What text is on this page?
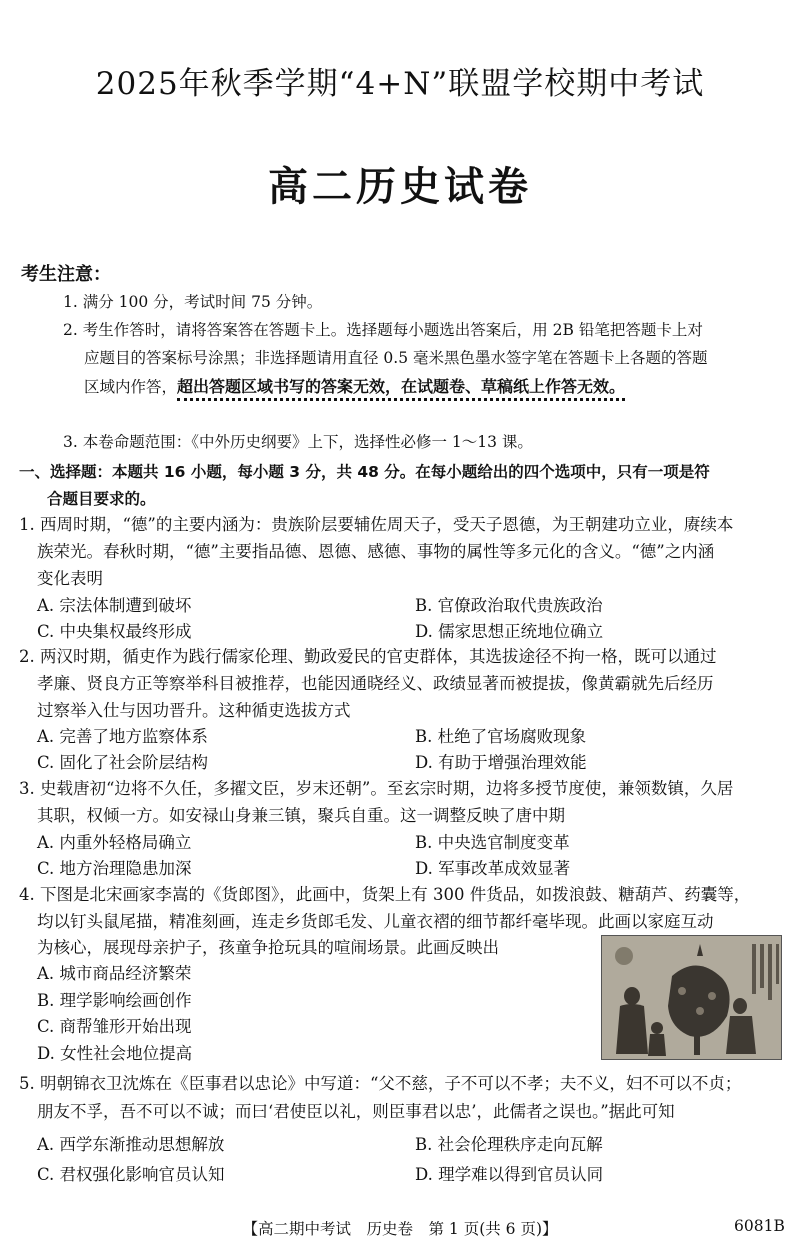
2025年秋季学期“4+N”联盟学校期中考试
高二历史试卷
考生注意：
1. 满分 100 分，考试时间 75 分钟。
2. 考生作答时，请将答案答在答题卡上。选择题每小题选出答案后，用 2B 铅笔把答题卡上对
应题目的答案标号涂黑；非选择题请用直径 0.5 毫米黑色墨水签字笔在答题卡上各题的答题
区域内作答，超出答题区域书写的答案无效，在试题卷、草稿纸上作答无效。
3. 本卷命题范围：《中外历史纲要》上下，选择性必修一 1～13 课。
一、选择题：本题共 16 小题，每小题 3 分，共 48 分。在每小题给出的四个选项中，只有一项是符
合题目要求的。
1. 西周时期，“德”的主要内涵为：贵族阶层要辅佐周天子，受天子恩德，为王朝建功立业，赓续本
族荣光。春秋时期，“德”主要指品德、恩德、感德、事物的属性等多元化的含义。“德”之内涵
变化表明
A. 宗法体制遭到破坏	B. 官僚政治取代贵族政治
C. 中央集权最终形成	D. 儒家思想正统地位确立
2. 两汉时期，循吏作为践行儒家伦理、勤政爱民的官吏群体，其选拔途径不拘一格，既可以通过
孝廉、贤良方正等察举科目被推荐，也能因通晓经义、政绩显著而被提拔，像黄霸就先后经历
过察举入仕与因功晋升。这种循吏选拔方式
A. 完善了地方监察体系	B. 杜绝了官场腐败现象
C. 固化了社会阶层结构	D. 有助于增强治理效能
3. 史载唐初“边将不久任，多擢文臣，岁末还朝”。至玄宗时期，边将多授节度使，兼领数镇，久居
其职，权倾一方。如安禄山身兼三镇，聚兵自重。这一调整反映了唐中期
A. 内重外轻格局确立	B. 中央选官制度变革
C. 地方治理隐患加深	D. 军事改革成效显著
4. 下图是北宋画家李嵩的《货郎图》，此画中，货架上有 300 件货品，如拨浪鼓、糖葫芦、药囊等，
均以钉头鼠尾描，精准刻画，连走乡货郎毛发、儿童衣褶的细节都纤毫毕现。此画以家庭互动
为核心，展现母亲护子，孩童争抢玩具的喧闹场景。此画反映出
A. 城市商品经济繁荣
B. 理学影响绘画创作
C. 商帮雏形开始出现
D. 女性社会地位提高
5. 明朝锦衣卫沈炼在《臣事君以忠论》中写道：“父不慈，子不可以不孝；夫不义，妇不可以不贞；
朋友不孚，吾不可以不诚；而曰‘君使臣以礼，则臣事君以忠’，此儒者之误也。”据此可知
A. 西学东渐推动思想解放	B. 社会伦理秩序走向瓦解
C. 君权强化影响官员认知	D. 理学难以得到官员认同
【高二期中考试　历史卷　第 1 页(共 6 页)】	6081B
